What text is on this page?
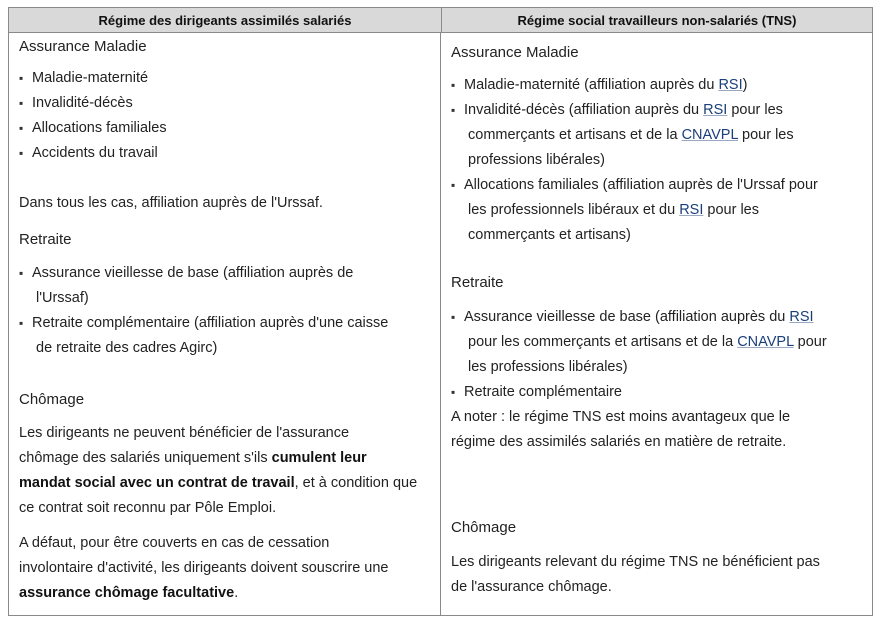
Régime des dirigeants assimilés salariés	Régime social travailleurs non-salariés (TNS)
Assurance Maladie
▪ Maladie-maternité
▪ Invalidité-décès
▪ Allocations familiales
▪ Accidents du travail
Dans tous les cas, affiliation auprès de l'Urssaf.
Retraite
▪ Assurance vieillesse de base (affiliation auprès de
l'Urssaf)
▪ Retraite complémentaire (affiliation auprès d'une caisse
de retraite des cadres Agirc)
Chômage
Les dirigeants ne peuvent bénéficier de l'assurance
chômage des salariés uniquement s'ils cumulent leur
mandat social avec un contrat de travail, et à condition que
ce contrat soit reconnu par Pôle Emploi.
A défaut, pour être couverts en cas de cessation
involontaire d'activité, les dirigeants doivent souscrire une
assurance chômage facultative.
Assurance Maladie
▪ Maladie-maternité (affiliation auprès du RSI)
▪ Invalidité-décès (affiliation auprès du RSI pour les
commerçants et artisans et de la CNAVPL pour les
professions libérales)
▪ Allocations familiales (affiliation auprès de l'Urssaf pour
les professionnels libéraux et du RSI pour les
commerçants et artisans)
Retraite
▪ Assurance vieillesse de base (affiliation auprès du RSI
pour les commerçants et artisans et de la CNAVPL pour
les professions libérales)
▪ Retraite complémentaire
A noter : le régime TNS est moins avantageux que le
régime des assimilés salariés en matière de retraite.
Chômage
Les dirigeants relevant du régime TNS ne bénéficient pas
de l'assurance chômage.
